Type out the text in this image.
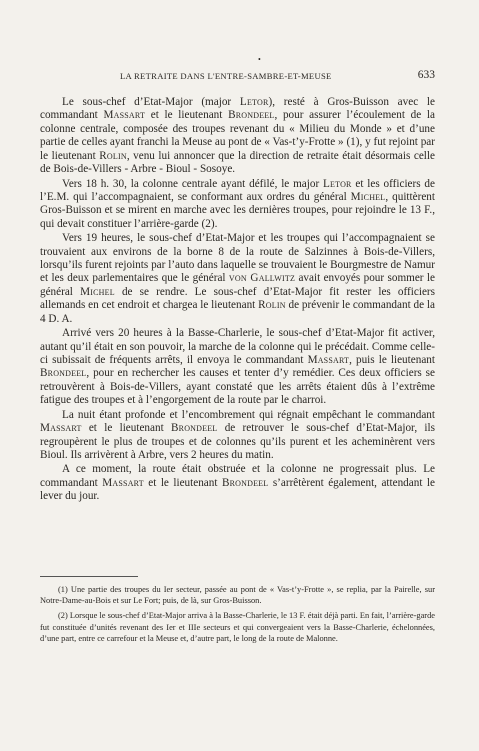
•
LA RETRAITE DANS L'ENTRE-SAMBRE-ET-MEUSE	633

Le sous-chef d’Etat-Major (major Letor), resté à Gros-Buisson avec le commandant Massart et le lieutenant Brondeel, pour assurer l’écoulement de la colonne centrale, composée des troupes revenant du « Milieu du Monde » et d’une partie de celles ayant franchi la Meuse au pont de « Vas-t’y-Frotte » (1), y fut rejoint par le lieutenant Rolin, venu lui annoncer que la direction de retraite était désormais celle de Bois-de-Villers - Arbre - Bioul - Sosoye.

Vers 18 h. 30, la colonne centrale ayant défilé, le major Letor et les officiers de l’E.M. qui l’accompagnaient, se conformant aux ordres du général Michel, quittèrent Gros-Buisson et se mirent en marche avec les dernières troupes, pour rejoindre le 13 F., qui devait constituer l’arrière-garde (2).

Vers 19 heures, le sous-chef d’Etat-Major et les troupes qui l’accompagnaient se trouvaient aux environs de la borne 8 de la route de Salzinnes à Bois-de-Villers, lorsqu’ils furent rejoints par l’auto dans laquelle se trouvaient le Bourgmestre de Namur et les deux parlementaires que le général von Gallwitz avait envoyés pour sommer le général Michel de se rendre. Le sous-chef d’Etat-Major fit rester les officiers allemands en cet endroit et chargea le lieutenant Rolin de prévenir le commandant de la 4 D. A.

Arrivé vers 20 heures à la Basse-Charlerie, le sous-chef d’Etat-Major fit activer, autant qu’il était en son pouvoir, la marche de la colonne qui le précédait. Comme celle-ci subissait de fréquents arrêts, il envoya le commandant Massart, puis le lieutenant Brondeel, pour en rechercher les causes et tenter d’y remédier. Ces deux officiers se retrouvèrent à Bois-de-Villers, ayant constaté que les arrêts étaient dûs à l’extrême fatigue des troupes et à l’engorgement de la route par le charroi.

La nuit étant profonde et l’encombrement qui régnait empêchant le commandant Massart et le lieutenant Brondeel de retrouver le sous-chef d’Etat-Major, ils regroupèrent le plus de troupes et de colonnes qu’ils purent et les acheminèrent vers Bioul. Ils arrivèrent à Arbre, vers 2 heures du matin.

A ce moment, la route était obstruée et la colonne ne progressait plus. Le commandant Massart et le lieutenant Brondeel s’arrêtèrent également, attendant le lever du jour.

(1) Une partie des troupes du Ier secteur, passée au pont de « Vas-t’y-Frotte », se replia, par la Pairelle, sur Notre-Dame-au-Bois et sur Le Fort; puis, de là, sur Gros-Buisson.

(2) Lorsque le sous-chef d’Etat-Major arriva à la Basse-Charlerie, le 13 F. était déjà parti. En fait, l’arrière-garde fut constituée d’unités revenant des Ier et IIIe secteurs et qui convergeaient vers la Basse-Charlerie, échelonnées, d’une part, entre ce carrefour et la Meuse et, d’autre part, le long de la route de Malonne.
